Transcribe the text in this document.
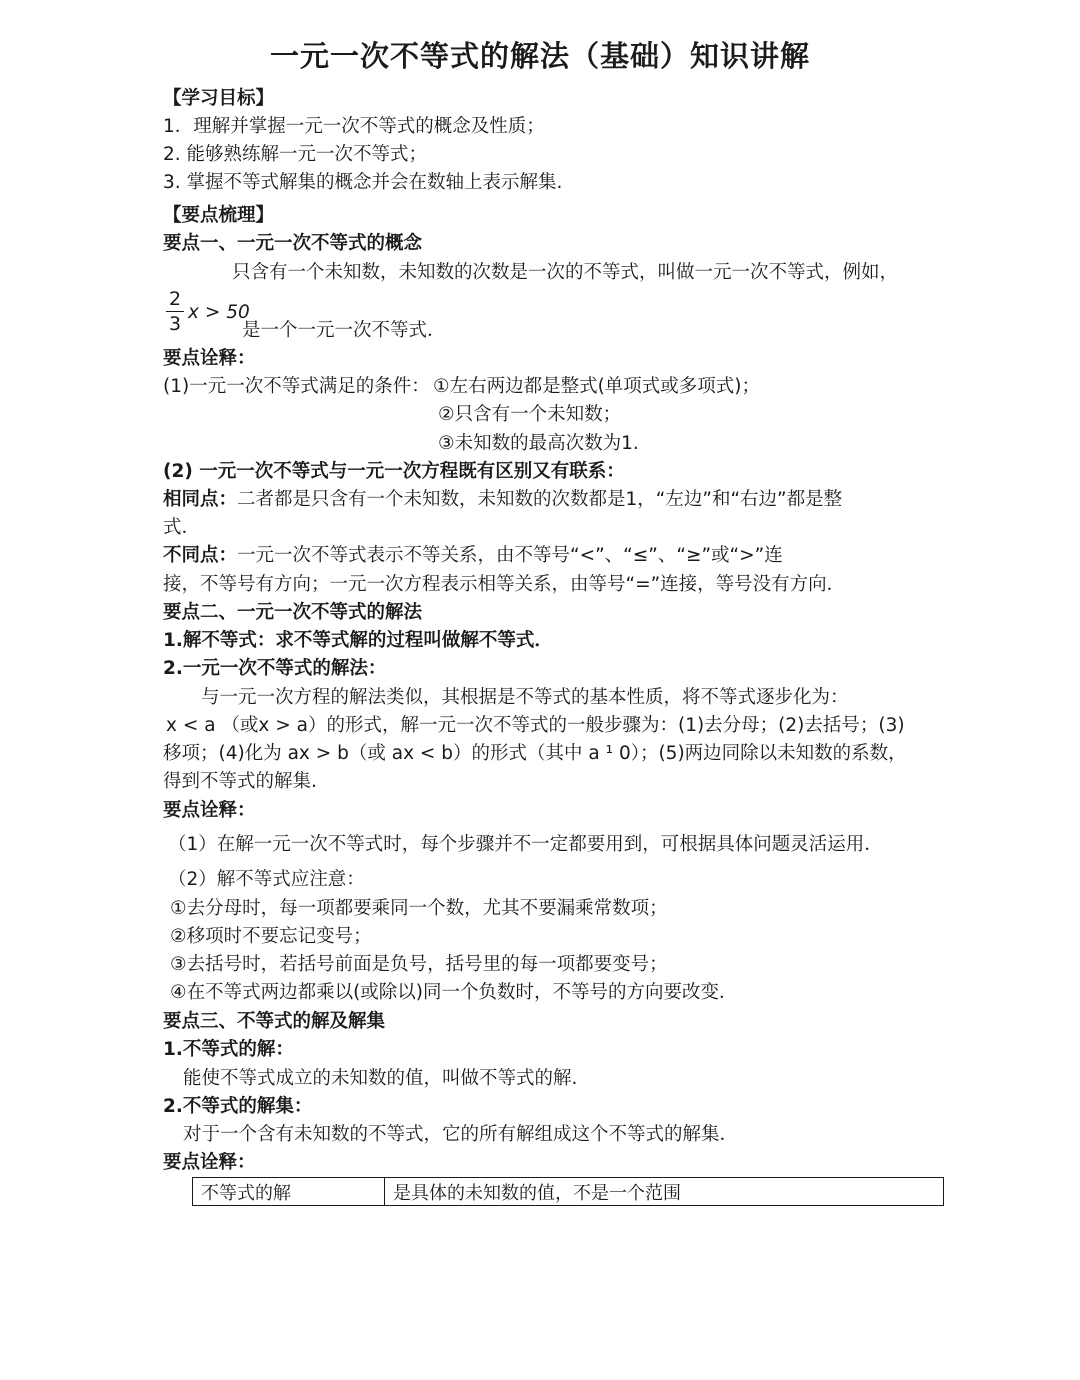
一元一次不等式的解法（基础）知识讲解
【学习目标】
1．理解并掌握一元一次不等式的概念及性质；
2. 能够熟练解一元一次不等式；
3. 掌握不等式解集的概念并会在数轴上表示解集.
【要点梳理】
要点一、一元一次不等式的概念
只含有一个未知数，未知数的次数是一次的不等式，叫做一元一次不等式，例如，
2
3
x > 50
是一个一元一次不等式．
要点诠释：
(1)一元一次不等式满足的条件： ①左右两边都是整式(单项式或多项式)；
②只含有一个未知数；
③未知数的最高次数为1.
(2) 一元一次不等式与一元一次方程既有区别又有联系：
相同点：二者都是只含有一个未知数，未知数的次数都是1，“左边”和“右边”都是整
式．
不同点：一元一次不等式表示不等关系，由不等号“<”、“≤”、“≥”或“>”连
接，不等号有方向；一元一次方程表示相等关系，由等号“=”连接，等号没有方向．
要点二、一元一次不等式的解法
1.解不等式：求不等式解的过程叫做解不等式．
2.一元一次不等式的解法：
与一元一次方程的解法类似，其根据是不等式的基本性质，将不等式逐步化为：
x < a （或x > a）的形式，解一元一次不等式的一般步骤为：(1)去分母；(2)去括号；(3)
移项；(4)化为 ax > b（或 ax < b）的形式（其中 a ¹ 0）；(5)两边同除以未知数的系数，
得到不等式的解集.
要点诠释：
（1）在解一元一次不等式时，每个步骤并不一定都要用到，可根据具体问题灵活运用．
（2）解不等式应注意：
①去分母时，每一项都要乘同一个数，尤其不要漏乘常数项；
②移项时不要忘记变号；
③去括号时，若括号前面是负号，括号里的每一项都要变号；
④在不等式两边都乘以(或除以)同一个负数时，不等号的方向要改变．
要点三、不等式的解及解集
1.不等式的解：
能使不等式成立的未知数的值，叫做不等式的解.
2.不等式的解集：
对于一个含有未知数的不等式，它的所有解组成这个不等式的解集．
要点诠释：
不等式的解	是具体的未知数的值，不是一个范围
